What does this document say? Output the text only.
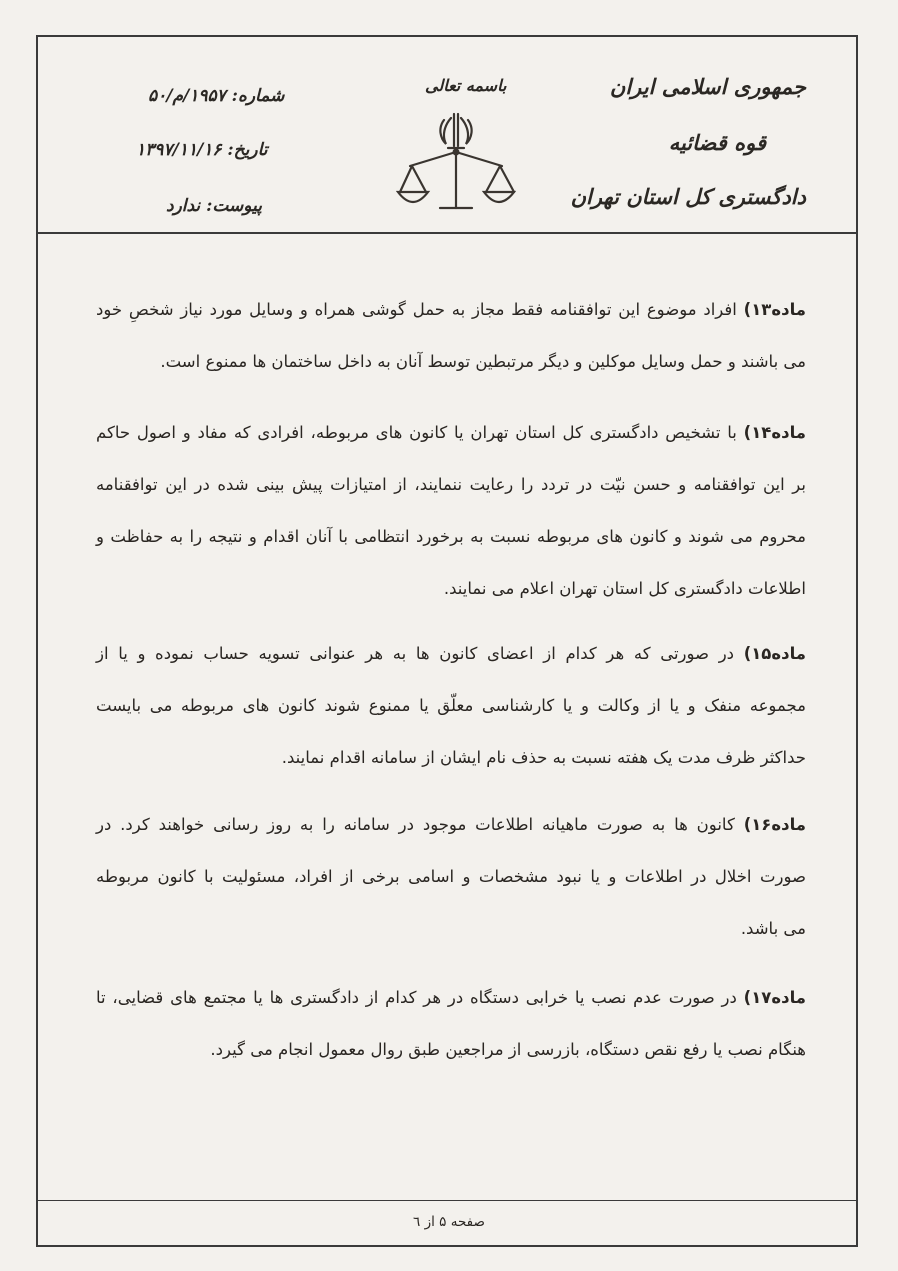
جمهوری اسلامی ایران
قوه قضائیه
دادگستری کل استان تهران
باسمه تعالی
شماره: ۱۹۵۷/م/۵۰
تاریخ: ۱۳۹۷/۱۱/۱۶
پیوست: ندارد
ماده۱۳) افراد موضوع این توافقنامه فقط مجاز به حمل گوشی همراه و وسایل مورد نیاز شخصِ خود
می باشند و حمل وسایل موکلین و دیگر مرتبطین توسط آنان به داخل ساختمان ها ممنوع است.
ماده۱۴) با تشخیص دادگستری کل استان تهران یا کانون های مربوطه، افرادی که مفاد و اصول حاکم
بر این توافقنامه و حسن نیّت در تردد را رعایت ننمایند، از امتیازات پیش بینی شده در این توافقنامه
محروم می شوند و کانون های مربوطه نسبت به برخورد انتظامی با آنان اقدام و نتیجه را به حفاظت و
اطلاعات دادگستری کل استان تهران اعلام می نمایند.
ماده۱۵) در صورتی که هر کدام از اعضای کانون ها به هر عنوانی تسویه حساب نموده و یا از
مجموعه منفک و یا از وکالت و یا کارشناسی معلّق یا ممنوع شوند کانون های مربوطه می بایست
حداکثر ظرف مدت یک هفته نسبت به حذف نام ایشان از سامانه اقدام نمایند.
ماده۱۶) کانون ها به صورت ماهیانه اطلاعات موجود در سامانه را به روز رسانی خواهند کرد. در
صورت اخلال در اطلاعات و یا نبود مشخصات و اسامی برخی از افراد، مسئولیت با کانون مربوطه
می باشد.
ماده۱۷) در صورت عدم نصب یا خرابی دستگاه در هر کدام از دادگستری ها یا مجتمع های قضایی، تا
هنگام نصب یا رفع نقص دستگاه، بازرسی از مراجعین طبق روال معمول انجام می گیرد.
صفحه ۵ از ٦
